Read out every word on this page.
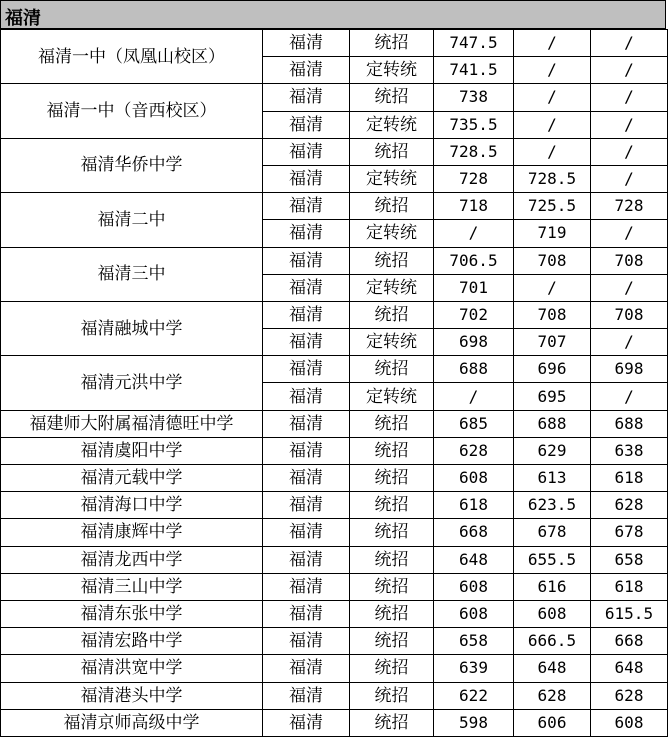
福清
福清一中（凤凰山校区）	福清	统招	747.5	/	/
	福清	定转统	741.5	/	/
福清一中（音西校区）	福清	统招	738	/	/
	福清	定转统	735.5	/	/
福清华侨中学	福清	统招	728.5	/	/
	福清	定转统	728	728.5	/
福清二中	福清	统招	718	725.5	728
	福清	定转统	/	719	/
福清三中	福清	统招	706.5	708	708
	福清	定转统	701	/	/
福清融城中学	福清	统招	702	708	708
	福清	定转统	698	707	/
福清元洪中学	福清	统招	688	696	698
	福清	定转统	/	695	/
福建师大附属福清德旺中学	福清	统招	685	688	688
福清虞阳中学	福清	统招	628	629	638
福清元载中学	福清	统招	608	613	618
福清海口中学	福清	统招	618	623.5	628
福清康辉中学	福清	统招	668	678	678
福清龙西中学	福清	统招	648	655.5	658
福清三山中学	福清	统招	608	616	618
福清东张中学	福清	统招	608	608	615.5
福清宏路中学	福清	统招	658	666.5	668
福清洪宽中学	福清	统招	639	648	648
福清港头中学	福清	统招	622	628	628
福清京师高级中学	福清	统招	598	606	608
